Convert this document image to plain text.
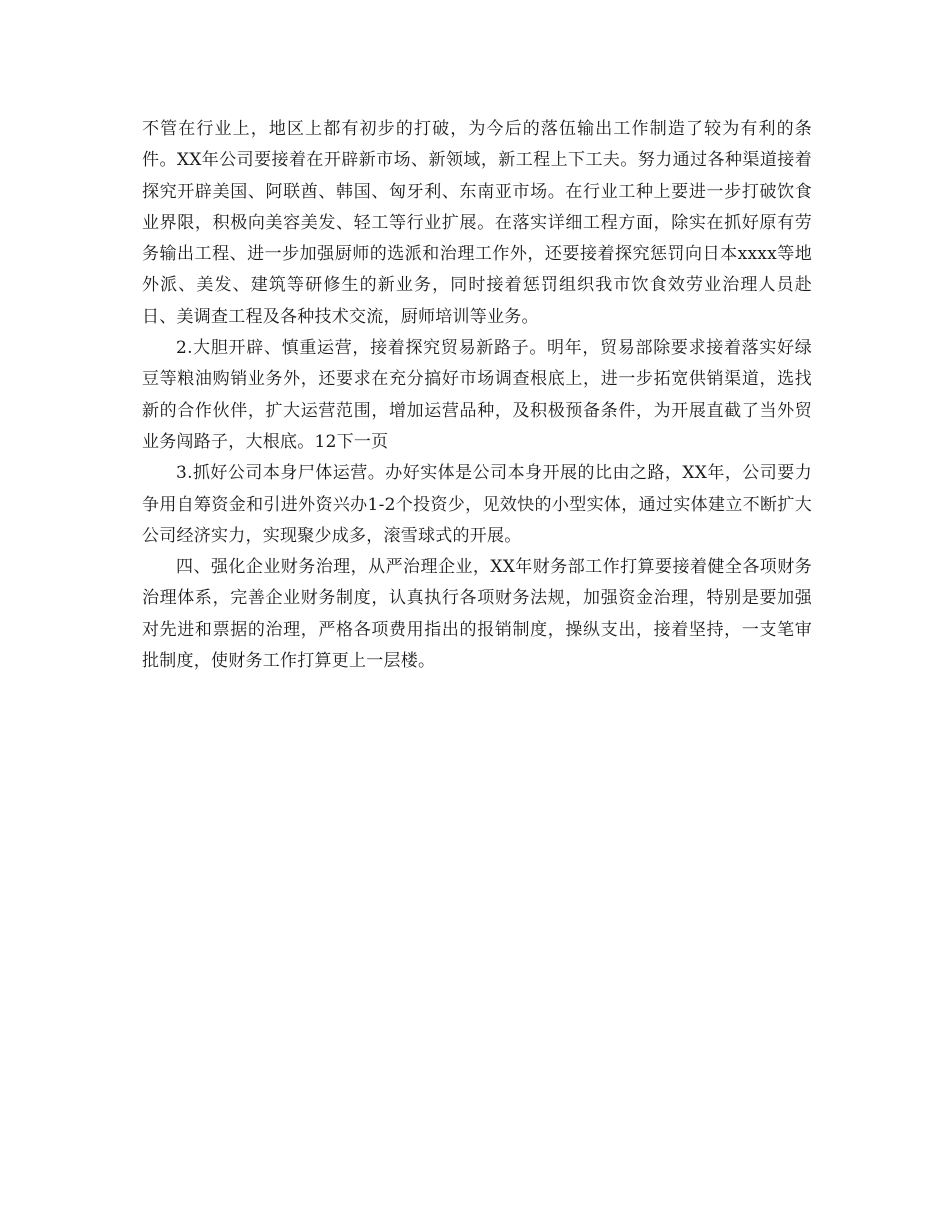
不管在行业上，地区上都有初步的打破，为今后的落伍输出工作制造了较为有利的条件。XX年公司要接着在开辟新市场、新领域，新工程上下工夫。努力通过各种渠道接着探究开辟美国、阿联酋、韩国、匈牙利、东南亚市场。在行业工种上要进一步打破饮食业界限，积极向美容美发、轻工等行业扩展。在落实详细工程方面，除实在抓好原有劳务输出工程、进一步加强厨师的选派和治理工作外，还要接着探究惩罚向日本xxxx等地外派、美发、建筑等研修生的新业务，同时接着惩罚组织我市饮食效劳业治理人员赴日、美调查工程及各种技术交流，厨师培训等业务。

2.大胆开辟、慎重运营，接着探究贸易新路子。明年，贸易部除要求接着落实好绿豆等粮油购销业务外，还要求在充分搞好市场调查根底上，进一步拓宽供销渠道，选找新的合作伙伴，扩大运营范围，增加运营品种，及积极预备条件，为开展直截了当外贸业务闯路子，大根底。12下一页

3.抓好公司本身尸体运营。办好实体是公司本身开展的比由之路，XX年，公司要力争用自筹资金和引进外资兴办1-2个投资少，见效快的小型实体，通过实体建立不断扩大公司经济实力，实现聚少成多，滚雪球式的开展。

四、强化企业财务治理，从严治理企业，XX年财务部工作打算要接着健全各项财务治理体系，完善企业财务制度，认真执行各项财务法规，加强资金治理，特别是要加强对先进和票据的治理，严格各项费用指出的报销制度，操纵支出，接着坚持，一支笔审批制度，使财务工作打算更上一层楼。
